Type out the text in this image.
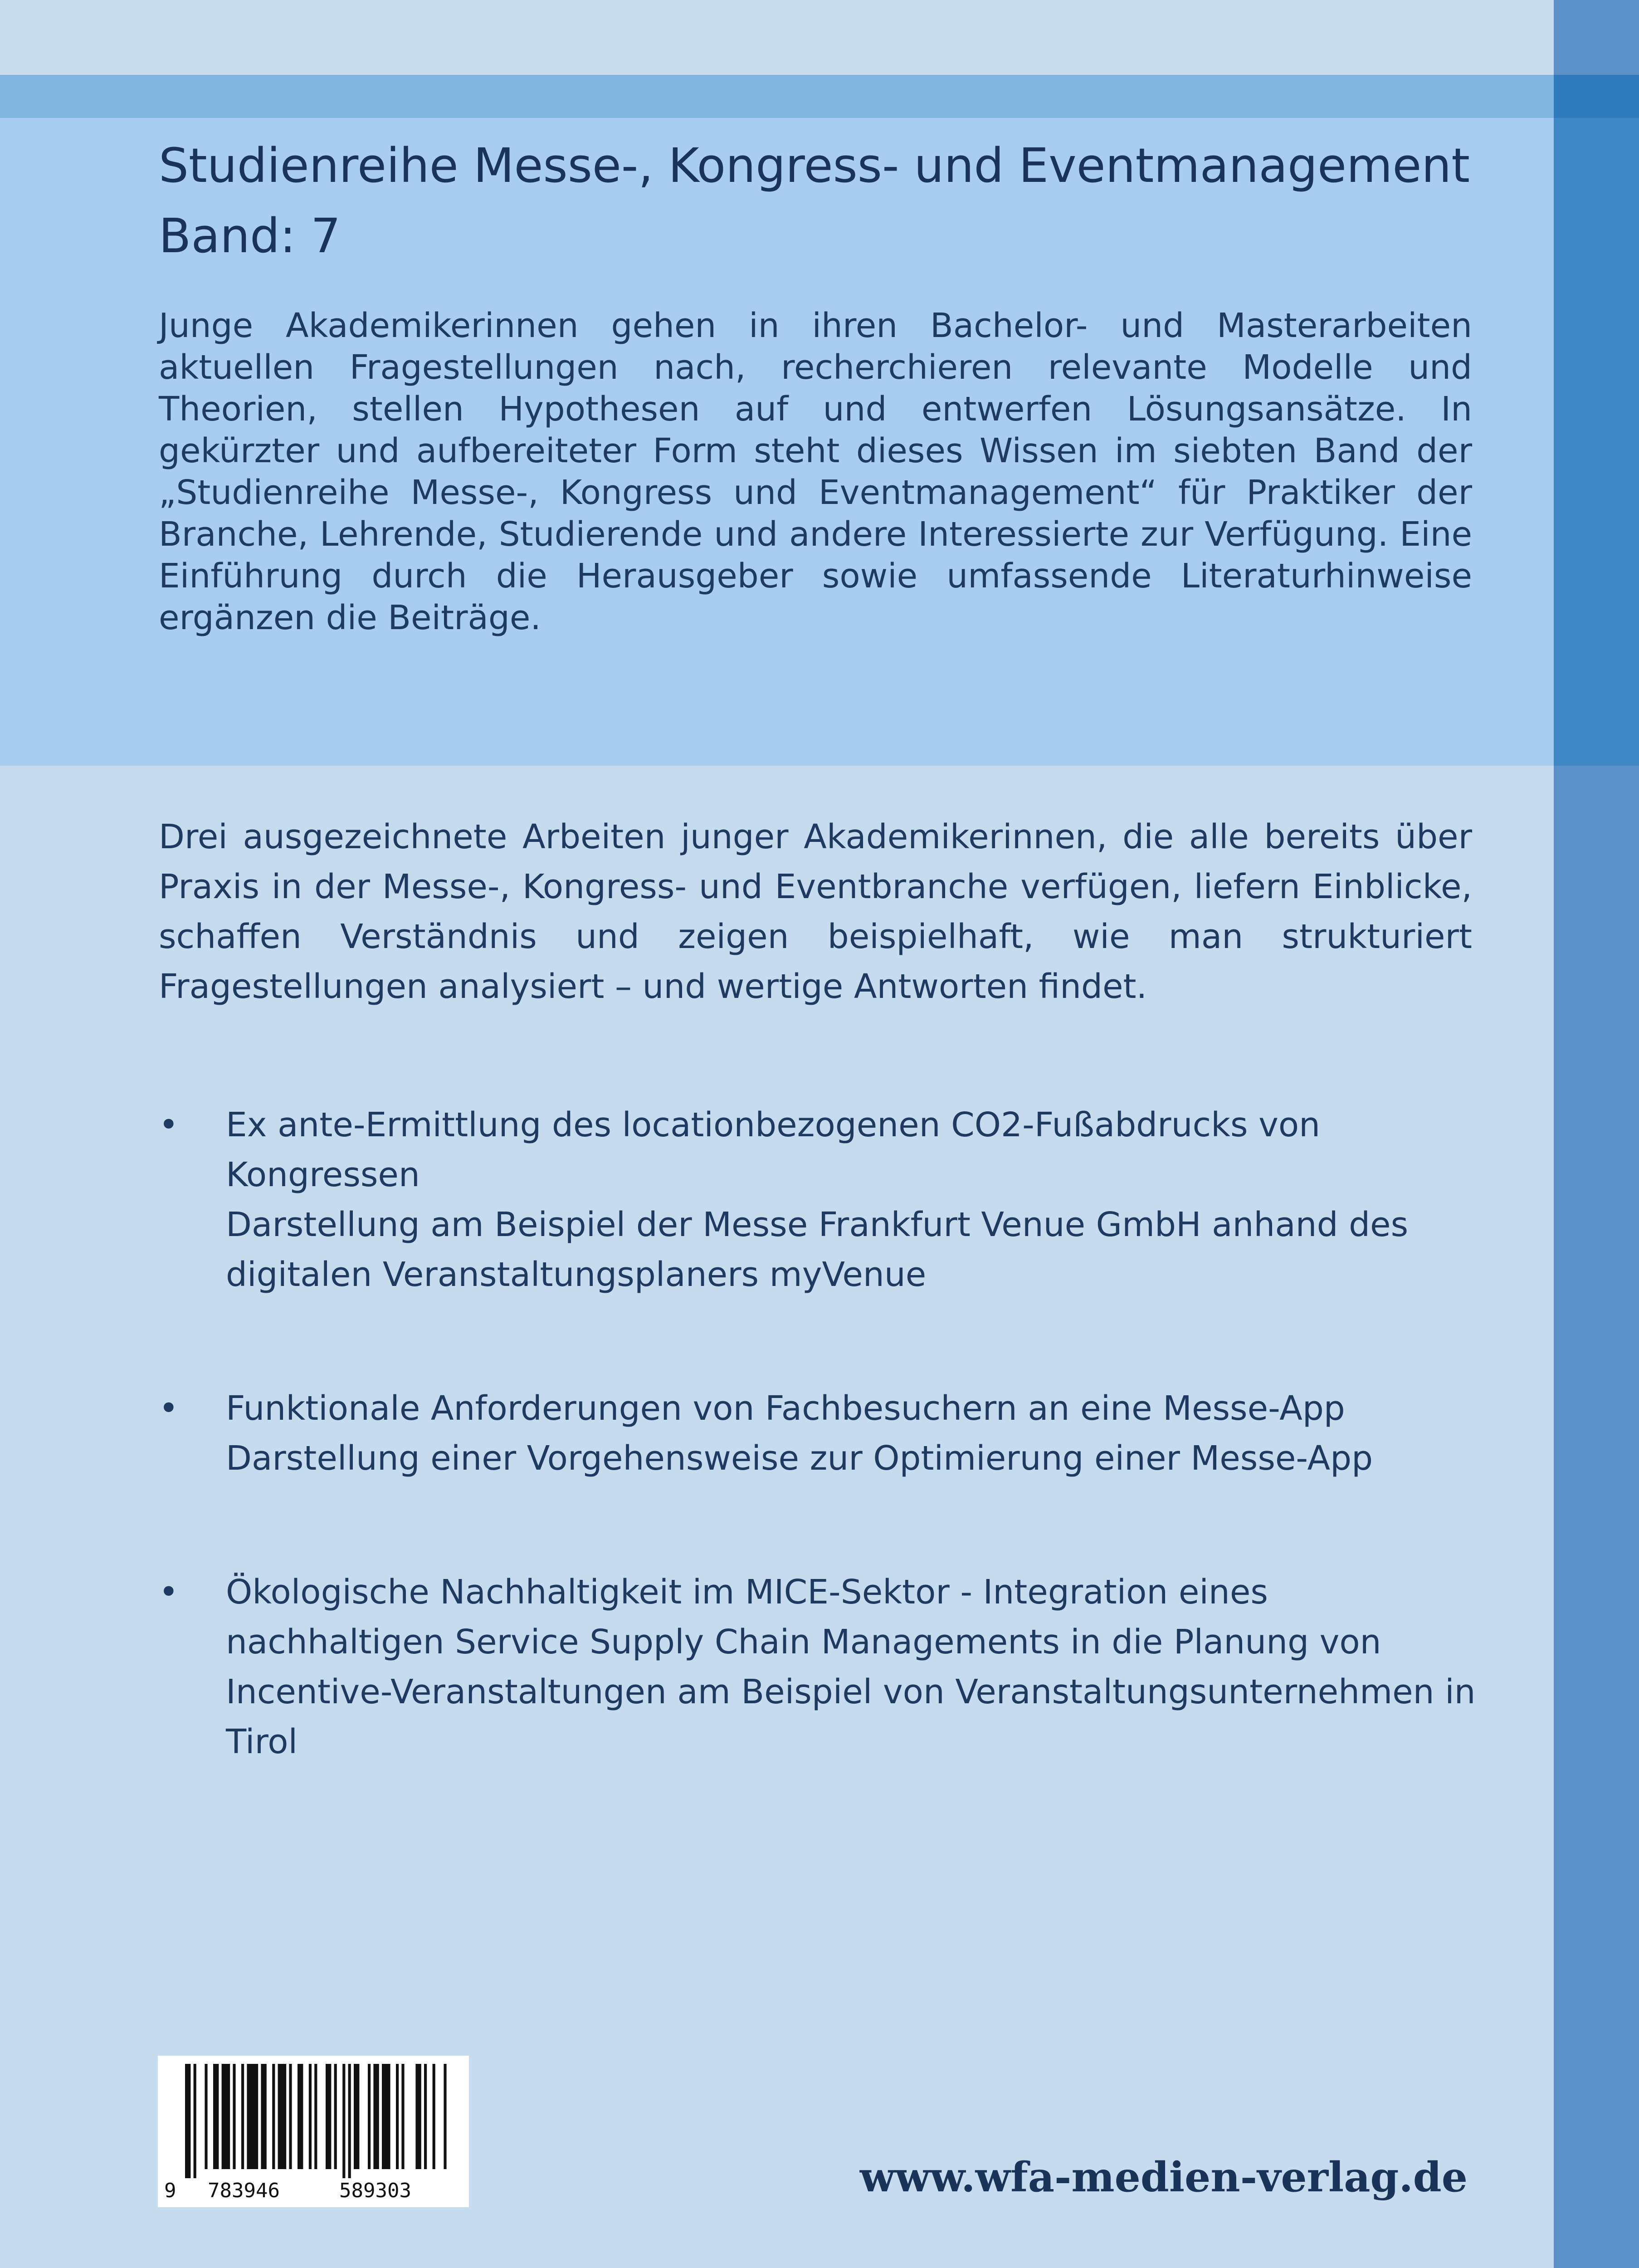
Studienreihe Messe-, Kongress- und Eventmanagement
Band: 7

Junge Akademikerinnen gehen in ihren Bachelor- und Masterarbeiten aktuellen Fragestellungen nach, recherchieren relevante Modelle und Theorien, stellen Hypothesen auf und entwerfen Lösungsansätze. In gekürzter und aufbereiteter Form steht dieses Wissen im siebten Band der „Studienreihe Messe-, Kongress und Eventmanagement“ für Praktiker der Branche, Lehrende, Studierende und andere Interessierte zur Verfügung. Eine Einführung durch die Herausgeber sowie umfassende Literaturhinweise ergänzen die Beiträge.

Drei ausgezeichnete Arbeiten junger Akademikerinnen, die alle bereits über Praxis in der Messe-, Kongress- und Eventbranche verfügen, liefern Einblicke, schaffen Verständnis und zeigen beispielhaft, wie man strukturiert Fragestellungen analysiert – und wertige Antworten findet.

• Ex ante-Ermittlung des locationbezogenen CO2-Fußabdrucks von Kongressen
Darstellung am Beispiel der Messe Frankfurt Venue GmbH anhand des digitalen Veranstaltungsplaners myVenue
• Funktionale Anforderungen von Fachbesuchern an eine Messe-App
Darstellung einer Vorgehensweise zur Optimierung einer Messe-App
• Ökologische Nachhaltigkeit im MICE-Sektor - Integration eines nachhaltigen Service Supply Chain Managements in die Planung von Incentive-Veranstaltungen am Beispiel von Veranstaltungsunternehmen in Tirol
9 783946	589303	www.wfa-medien-verlag.de
